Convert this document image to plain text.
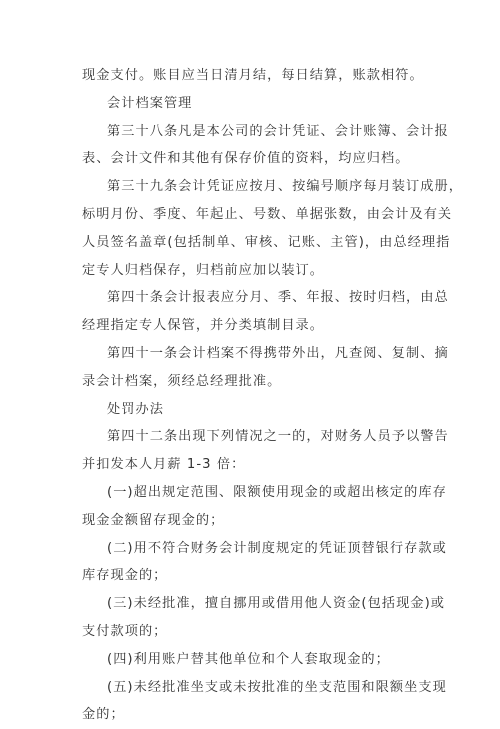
现金支付。账目应当日清月结，每日结算，账款相符。
会计档案管理
第三十八条凡是本公司的会计凭证、会计账簿、会计报
表、会计文件和其他有保存价值的资料，均应归档。
第三十九条会计凭证应按月、按编号顺序每月装订成册，
标明月份、季度、年起止、号数、单据张数，由会计及有关
人员签名盖章(包括制单、审核、记账、主管)，由总经理指
定专人归档保存，归档前应加以装订。
第四十条会计报表应分月、季、年报、按时归档，由总
经理指定专人保管，并分类填制目录。
第四十一条会计档案不得携带外出，凡查阅、复制、摘
录会计档案，须经总经理批准。
处罚办法
第四十二条出现下列情况之一的，对财务人员予以警告
并扣发本人月薪 1-3 倍：
(一)超出规定范围、限额使用现金的或超出核定的库存
现金金额留存现金的；
(二)用不符合财务会计制度规定的凭证顶替银行存款或
库存现金的；
(三)未经批准，擅自挪用或借用他人资金(包括现金)或
支付款项的；
(四)利用账户替其他单位和个人套取现金的；
(五)未经批准坐支或未按批准的坐支范围和限额坐支现
金的；
